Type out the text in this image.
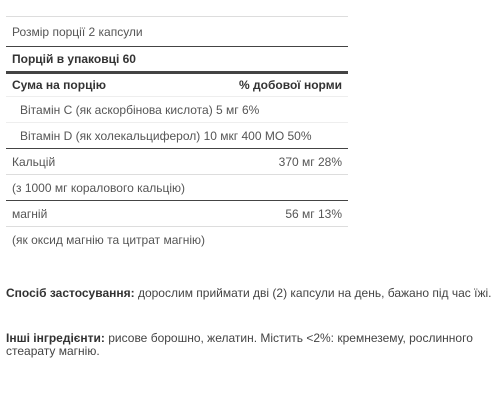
Розмір порції 2 капсули
Порцій в упаковці 60
Сума на порцію	% добової норми
Вітамін С (як аскорбінова кислота) 5 мг 6%
Вітамін D (як холекальциферол) 10 мкг 400 МО 50%
Кальцій	370 мг 28%
(з 1000 мг коралового кальцію)
магній	56 мг 13%
(як оксид магнію та цитрат магнію)
Спосіб застосування: дорослим приймати дві (2) капсули на день, бажано під час їжі.
Інші інгредієнти: рисове борошно, желатин. Містить <2%: кремнезему, рослинного стеарату магнію.
